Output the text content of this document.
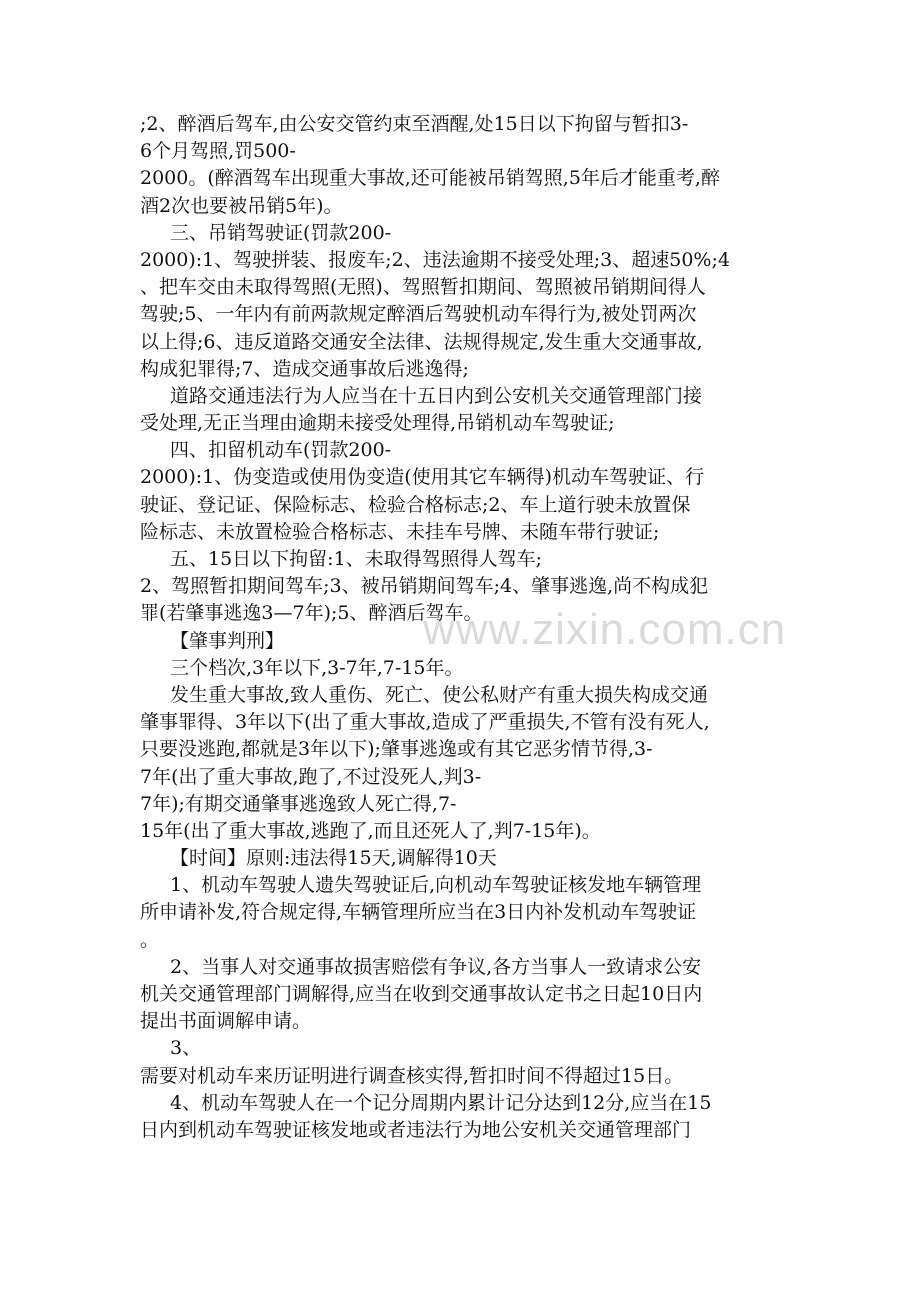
;2、醉酒后驾车,由公安交管约束至酒醒,处15日以下拘留与暂扣3-
6个月驾照,罚500-
2000。(醉酒驾车出现重大事故,还可能被吊销驾照,5年后才能重考,醉
酒2次也要被吊销5年)。
三、吊销驾驶证(罚款200-
2000):1、驾驶拼装、报废车;2、违法逾期不接受处理;3、超速50%;4
、把车交由未取得驾照(无照)、驾照暂扣期间、驾照被吊销期间得人
驾驶;5、一年内有前两款规定醉酒后驾驶机动车得行为,被处罚两次
以上得;6、违反道路交通安全法律、法规得规定,发生重大交通事故,
构成犯罪得;7、造成交通事故后逃逸得;
道路交通违法行为人应当在十五日内到公安机关交通管理部门接
受处理,无正当理由逾期未接受处理得,吊销机动车驾驶证;
四、扣留机动车(罚款200-
2000):1、伪变造或使用伪变造(使用其它车辆得)机动车驾驶证、行
驶证、登记证、保险标志、检验合格标志;2、车上道行驶未放置保
险标志、未放置检验合格标志、未挂车号牌、未随车带行驶证;
五、15日以下拘留:1、未取得驾照得人驾车;
2、驾照暂扣期间驾车;3、被吊销期间驾车;4、肇事逃逸,尚不构成犯
罪(若肇事逃逸3—7年);5、醉酒后驾车。
【肇事判刑】
三个档次,3年以下,3-7年,7-15年。
发生重大事故,致人重伤、死亡、使公私财产有重大损失构成交通
肇事罪得、3年以下(出了重大事故,造成了严重损失,不管有没有死人,
只要没逃跑,都就是3年以下);肇事逃逸或有其它恶劣情节得,3-
7年(出了重大事故,跑了,不过没死人,判3-
7年);有期交通肇事逃逸致人死亡得,7-
15年(出了重大事故,逃跑了,而且还死人了,判7-15年)。
【时间】原则:违法得15天,调解得10天
1、机动车驾驶人遗失驾驶证后,向机动车驾驶证核发地车辆管理
所申请补发,符合规定得,车辆管理所应当在3日内补发机动车驾驶证
。
2、当事人对交通事故损害赔偿有争议,各方当事人一致请求公安
机关交通管理部门调解得,应当在收到交通事故认定书之日起10日内
提出书面调解申请。
3、
需要对机动车来历证明进行调查核实得,暂扣时间不得超过15日。
4、机动车驾驶人在一个记分周期内累计记分达到12分,应当在15
日内到机动车驾驶证核发地或者违法行为地公安机关交通管理部门
www.zixin.com.cn
